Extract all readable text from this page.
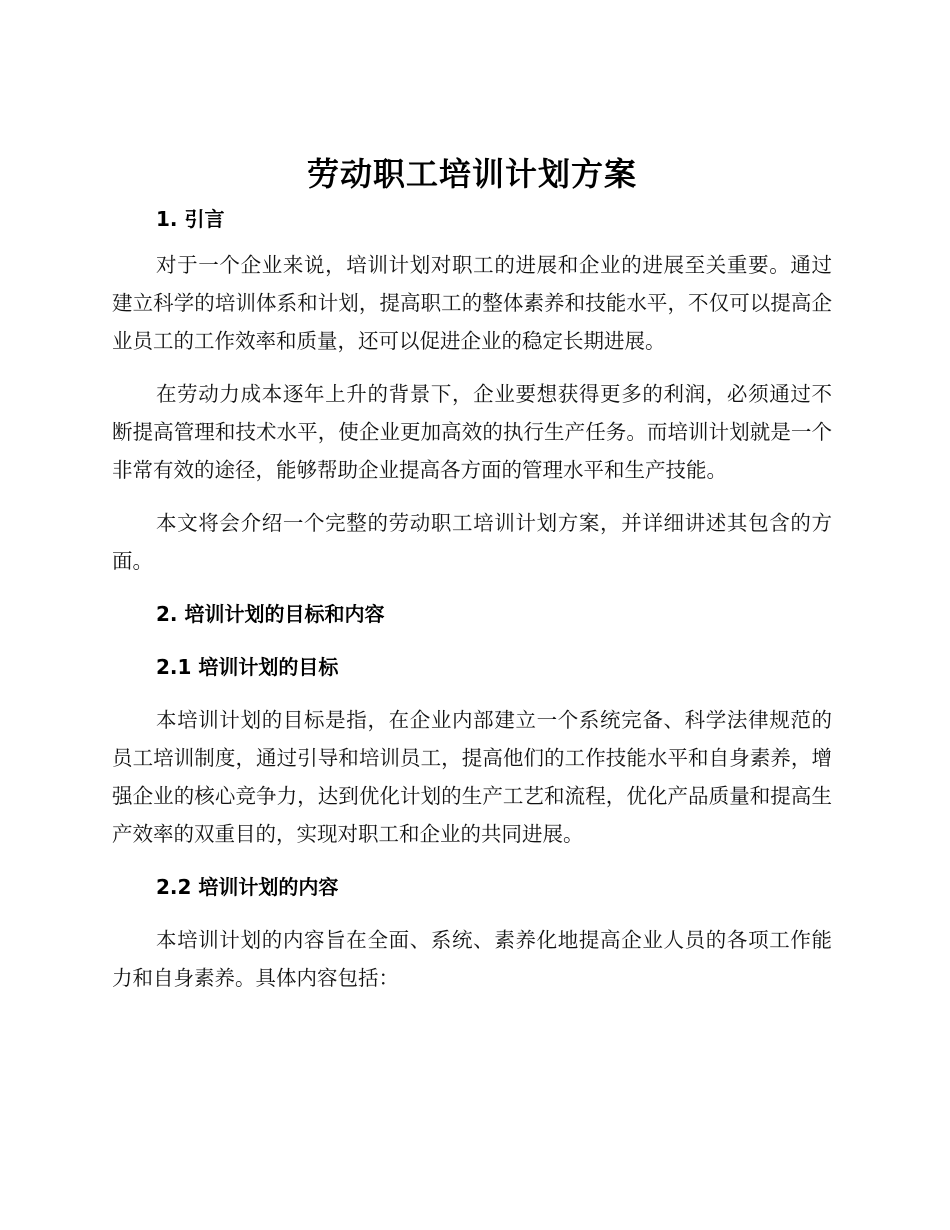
劳动职工培训计划方案
1. 引言

对于一个企业来说，培训计划对职工的进展和企业的进展至关重要。通过建立科学的培训体系和计划，提高职工的整体素养和技能水平，不仅可以提高企业员工的工作效率和质量，还可以促进企业的稳定长期进展。

在劳动力成本逐年上升的背景下，企业要想获得更多的利润，必须通过不断提高管理和技术水平，使企业更加高效的执行生产任务。而培训计划就是一个非常有效的途径，能够帮助企业提高各方面的管理水平和生产技能。

本文将会介绍一个完整的劳动职工培训计划方案，并详细讲述其包含的方面。

2. 培训计划的目标和内容
2.1 培训计划的目标

本培训计划的目标是指，在企业内部建立一个系统完备、科学法律规范的员工培训制度，通过引导和培训员工，提高他们的工作技能水平和自身素养，增强企业的核心竞争力，达到优化计划的生产工艺和流程，优化产品质量和提高生产效率的双重目的，实现对职工和企业的共同进展。

2.2 培训计划的内容

本培训计划的内容旨在全面、系统、素养化地提高企业人员的各项工作能力和自身素养。具体内容包括：
